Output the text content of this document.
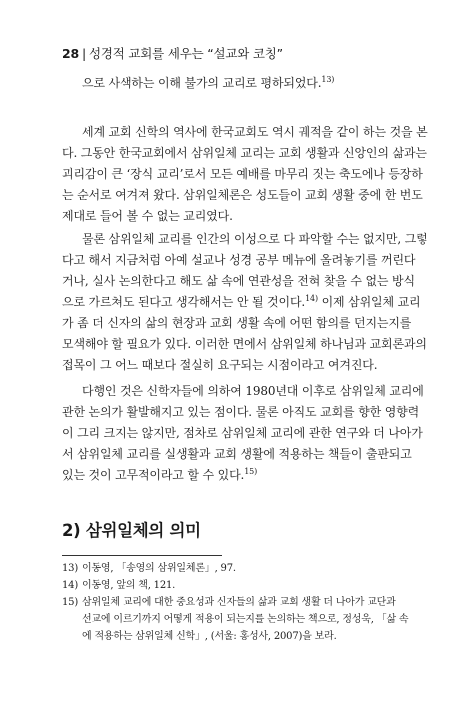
28 | 성경적 교회를 세우는 “설교와 코칭”
으로 사색하는 이해 불가의 교리로 평하되었다.$^{13)}$
세계 교회 신학의 역사에 한국교회도 역시 궤적을 같이 하는 것을 본
다. 그동안 한국교회에서 삼위일체 교리는 교회 생활과 신앙인의 삶과는
괴리감이 큰 ‘장식 교리’로서 모든 예배를 마무리 짓는 축도에나 등장하
는 순서로 여겨져 왔다. 삼위일체론은 성도들이 교회 생활 중에 한 번도
제대로 들어 볼 수 없는 교리였다.
물론 삼위일체 교리를 인간의 이성으로 다 파악할 수는 없지만, 그렇
다고 해서 지금처럼 아예 설교나 성경 공부 메뉴에 올려놓기를 꺼린다
거나, 실사 논의한다고 해도 삶 속에 연관성을 전혀 찾을 수 없는 방식
으로 가르쳐도 된다고 생각해서는 안 될 것이다.$^{14)}$ 이제 삼위일체 교리
가 좀 더 신자의 삶의 현장과 교회 생활 속에 어떤 함의를 던지는지를
모색해야 할 필요가 있다. 이러한 면에서 삼위일체 하나님과 교회론과의
접목이 그 어느 때보다 절실히 요구되는 시점이라고 여겨진다.
다행인 것은 신학자들에 의하여 1980년대 이후로 삼위일체 교리에
관한 논의가 활발해지고 있는 점이다. 물론 아직도 교회를 향한 영향력
이 그리 크지는 않지만, 점차로 삼위일체 교리에 관한 연구와 더 나아가
서 삼위일체 교리를 실생활과 교회 생활에 적용하는 책들이 출판되고
있는 것이 고무적이라고 할 수 있다.$^{15)}$
2) 삼위일체의 의미
13) 이동영, 「송영의 삼위일체론」, 97.
14) 이동영, 앞의 책, 121.
15) 삼위일체 교리에 대한 중요성과 신자들의 삶과 교회 생활 더 나아가 교단과
선교에 이르기까지 어떻게 적용이 되는지를 논의하는 책으로, 정성욱, 「삶 속
에 적용하는 삼위일체 신학」, (서울: 홍성사, 2007)을 보라.
